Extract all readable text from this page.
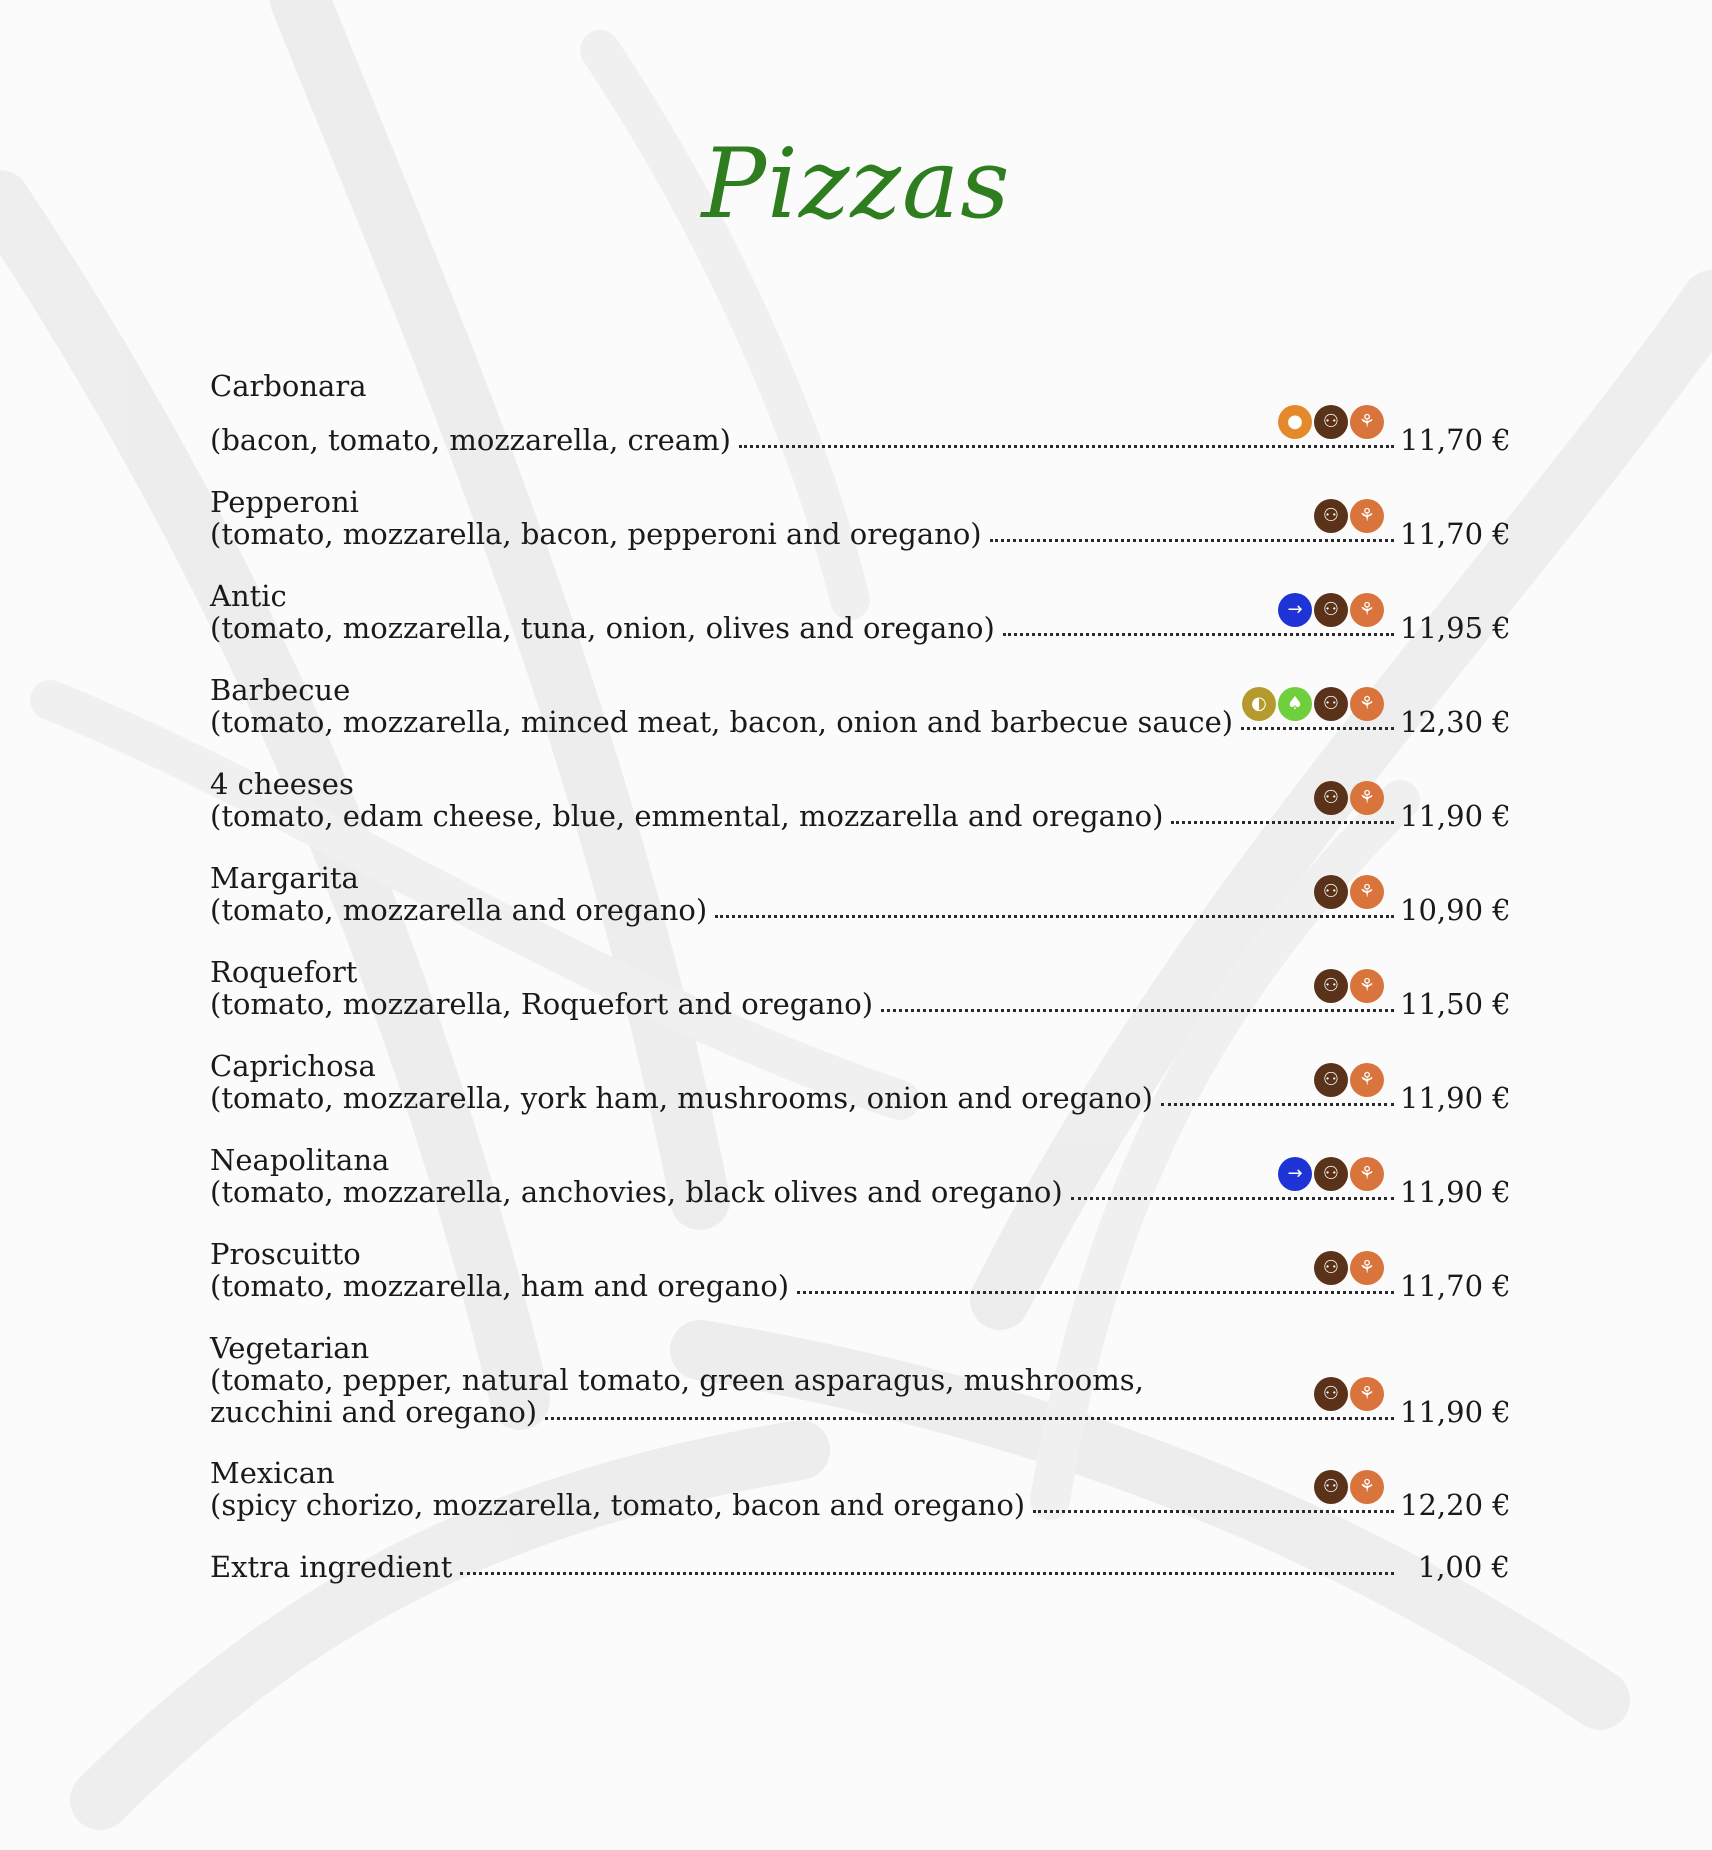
Pizzas
Carbonara
(bacon, tomato, mozzarella, cream)
●	⚇	⚘
11,70 €
Pepperoni
(tomato, mozzarella, bacon, pepperoni and oregano)
⚇	⚘
11,70 €
Antic
(tomato, mozzarella, tuna, onion, olives and oregano)
→	⚇	⚘
11,95 €
Barbecue
(tomato, mozzarella, minced meat, bacon, onion and barbecue sauce)
◐	♠	⚇	⚘
12,30 €
4 cheeses
(tomato, edam cheese, blue, emmental, mozzarella and oregano)
⚇	⚘
11,90 €
Margarita
(tomato, mozzarella and oregano)
⚇	⚘
10,90 €
Roquefort
(tomato, mozzarella, Roquefort and oregano)
⚇	⚘
11,50 €
Caprichosa
(tomato, mozzarella, york ham, mushrooms, onion and oregano)
⚇	⚘
11,90 €
Neapolitana
(tomato, mozzarella, anchovies, black olives and oregano)
→	⚇	⚘
11,90 €
Proscuitto
(tomato, mozzarella, ham and oregano)
⚇	⚘
11,70 €
Vegetarian
(tomato, pepper, natural tomato, green asparagus, mushrooms,
zucchini and oregano)
⚇	⚘
11,90 €
Mexican
(spicy chorizo, mozzarella, tomato, bacon and oregano)
⚇	⚘
12,20 €
Extra ingredient	1,00 €
